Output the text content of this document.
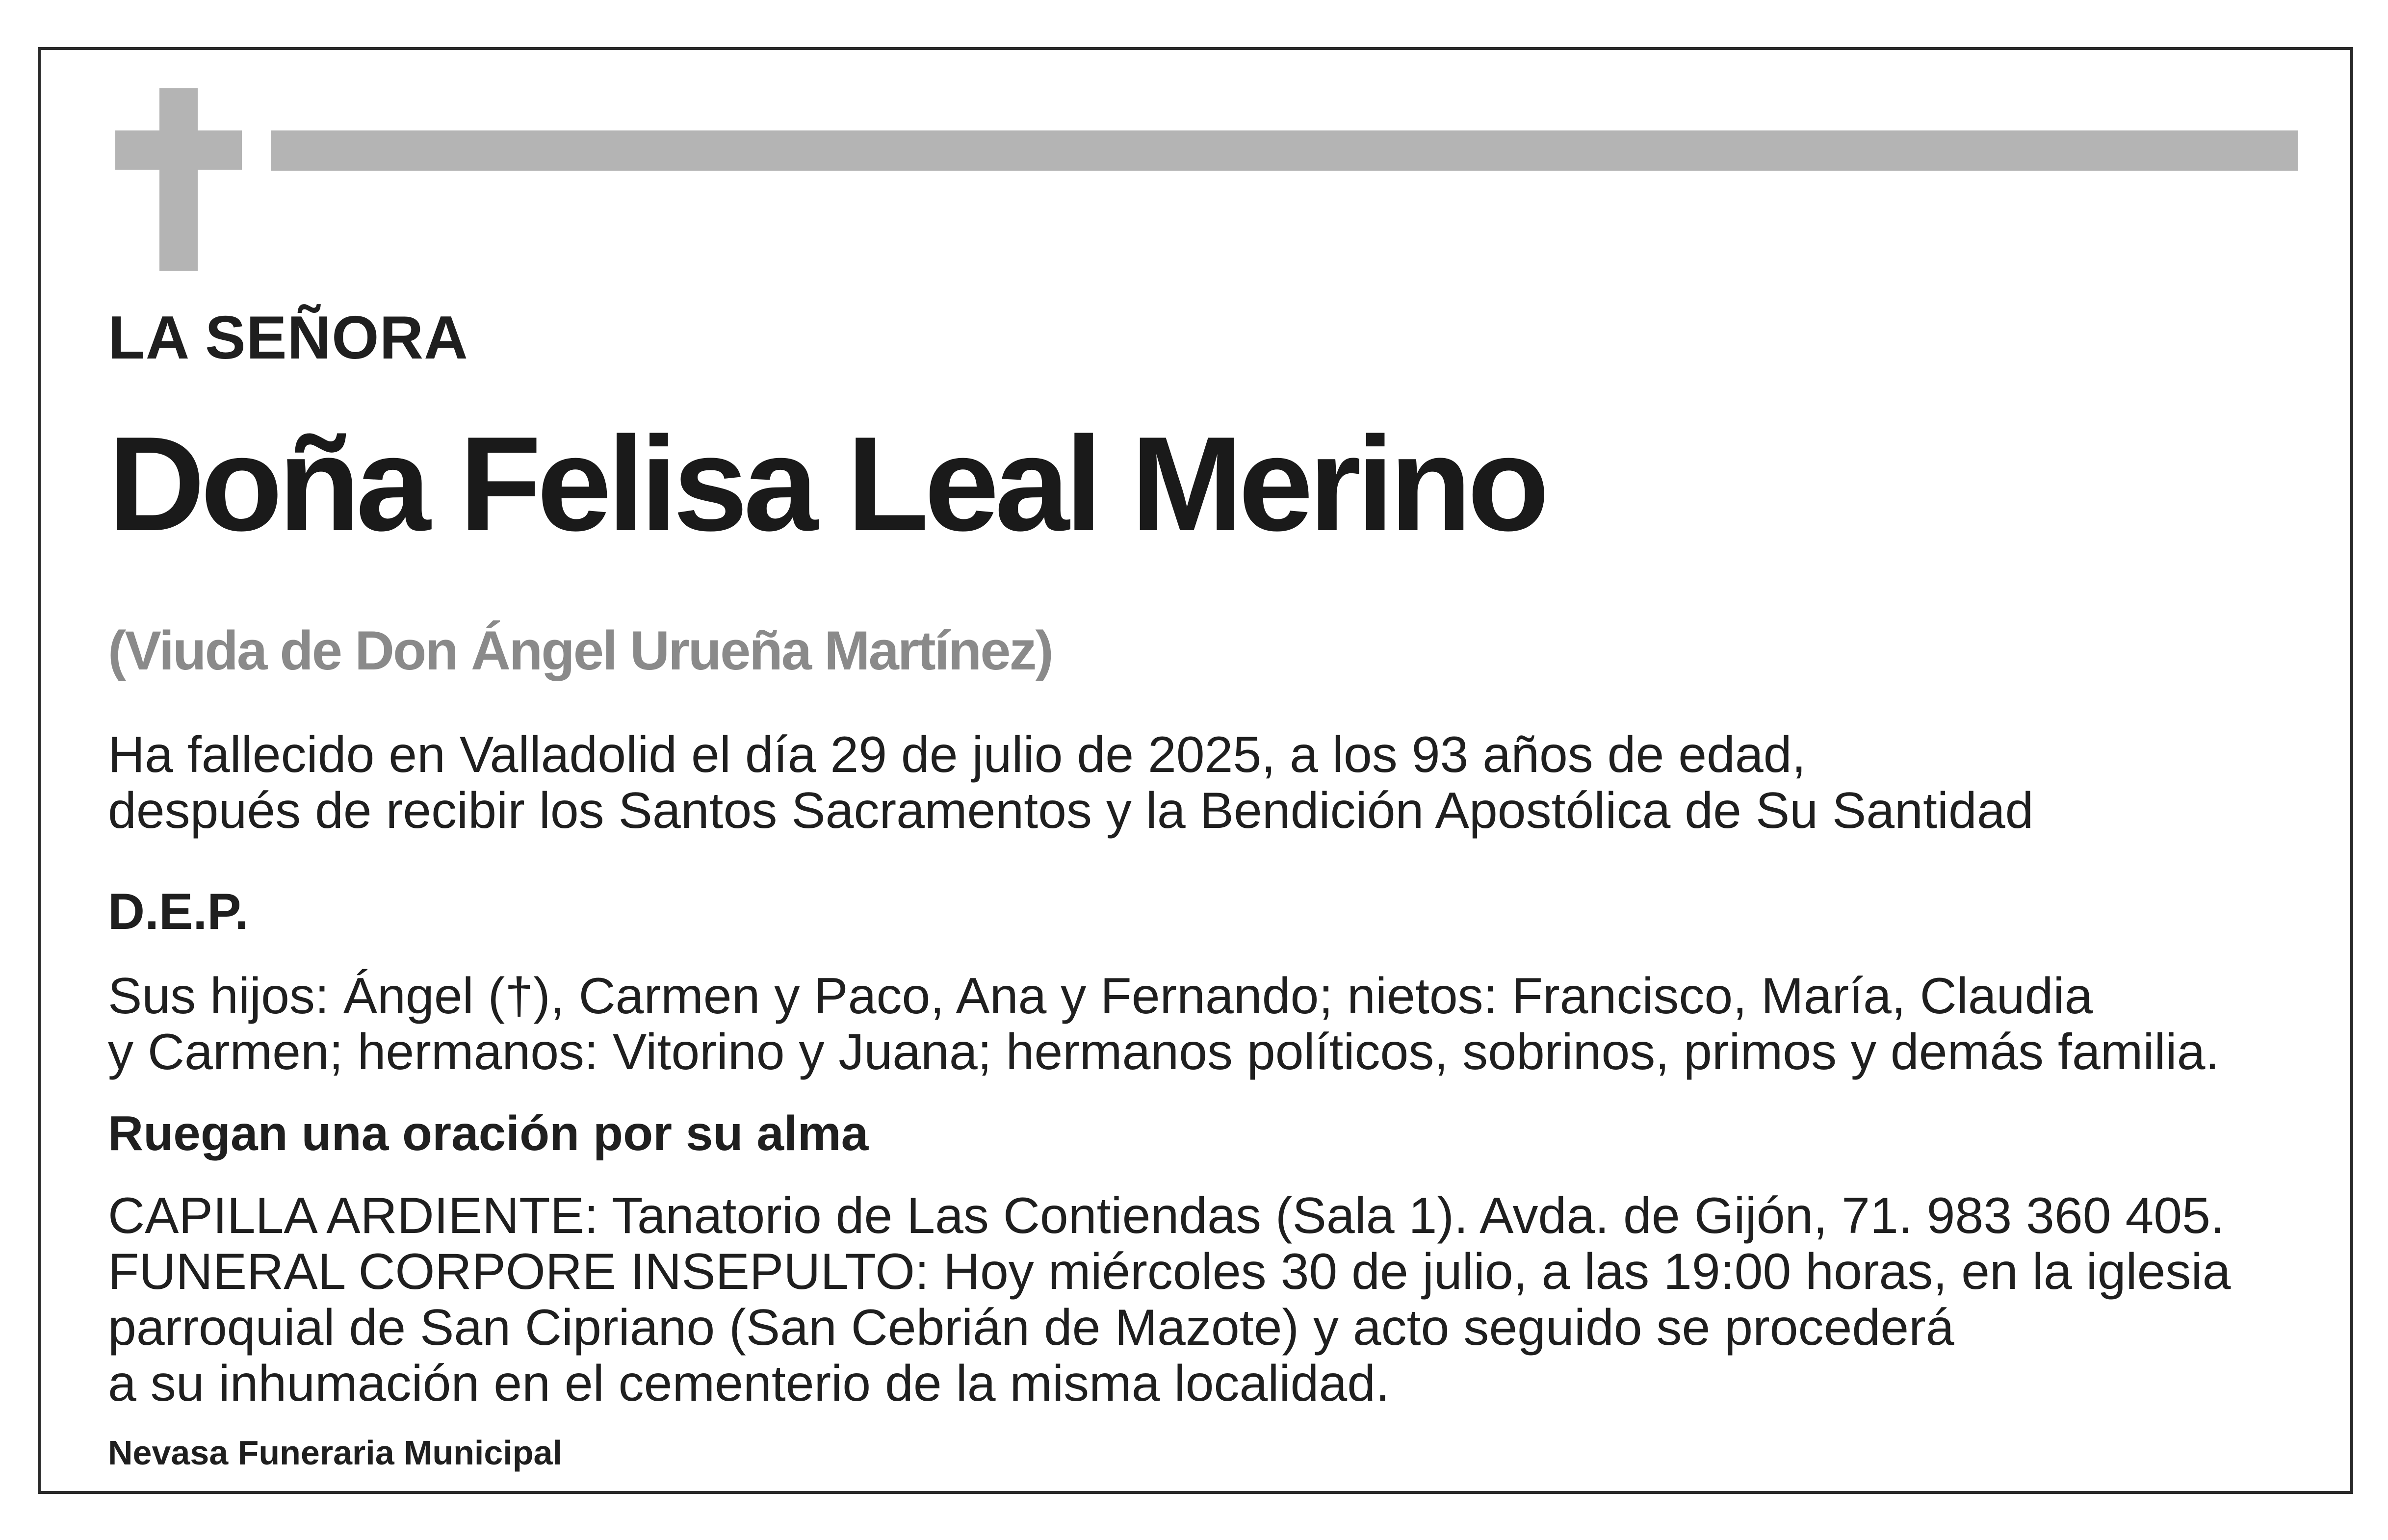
LA SEÑORA

Doña Felisa Leal Merino

(Viuda de Don Ángel Urueña Martínez)

Ha fallecido en Valladolid el día 29 de julio de 2025, a los 93 años de edad,
después de recibir los Santos Sacramentos y la Bendición Apostólica de Su Santidad

D.E.P.

Sus hijos: Ángel (†), Carmen y Paco, Ana y Fernando; nietos: Francisco, María, Claudia
y Carmen; hermanos: Vitorino y Juana; hermanos políticos, sobrinos, primos y demás familia.

Ruegan una oración por su alma

CAPILLA ARDIENTE: Tanatorio de Las Contiendas (Sala 1). Avda. de Gijón, 71. 983 360 405.
FUNERAL CORPORE INSEPULTO: Hoy miércoles 30 de julio, a las 19:00 horas, en la iglesia
parroquial de San Cipriano (San Cebrián de Mazote) y acto seguido se procederá
a su inhumación en el cementerio de la misma localidad.

Nevasa Funeraria Municipal
